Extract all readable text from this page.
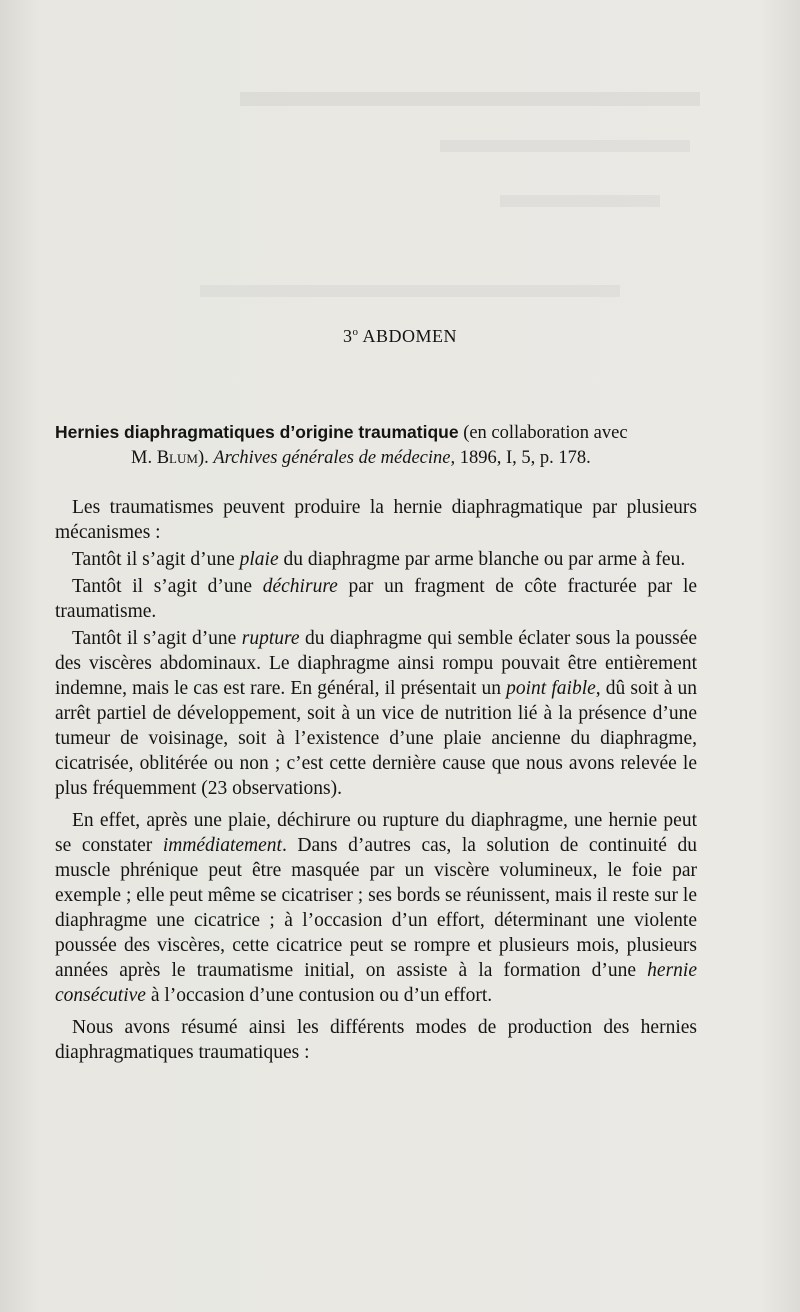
3$^o$ ABDOMEN
Hernies diaphragmatiques d’origine traumatique (en collaboration avec
M. Blum). Archives générales de médecine, 1896, I, 5, p. 178.

Les traumatismes peuvent produire la hernie diaphragmatique par plusieurs mécanismes :

Tantôt il s’agit d’une plaie du diaphragme par arme blanche ou par arme à feu.

Tantôt il s’agit d’une déchirure par un fragment de côte fracturée par le traumatisme.

Tantôt il s’agit d’une rupture du diaphragme qui semble éclater sous la poussée des viscères abdominaux. Le diaphragme ainsi rompu pouvait être entièrement indemne, mais le cas est rare. En général, il présentait un point faible, dû soit à un arrêt partiel de développement, soit à un vice de nutrition lié à la présence d’une tumeur de voisinage, soit à l’existence d’une plaie ancienne du diaphragme, cicatrisée, oblitérée ou non ; c’est cette dernière cause que nous avons relevée le plus fréquemment (23 observations).

En effet, après une plaie, déchirure ou rupture du diaphragme, une hernie peut se constater immédiatement. Dans d’autres cas, la solution de continuité du muscle phrénique peut être masquée par un viscère volumineux, le foie par exemple ; elle peut même se cicatriser ; ses bords se réunissent, mais il reste sur le diaphragme une cicatrice ; à l’occasion d’un effort, déterminant une violente poussée des viscères, cette cicatrice peut se rompre et plusieurs mois, plusieurs années après le traumatisme initial, on assiste à la formation d’une hernie consécutive à l’occasion d’une contusion ou d’un effort.

Nous avons résumé ainsi les différents modes de production des hernies diaphragmatiques traumatiques :
